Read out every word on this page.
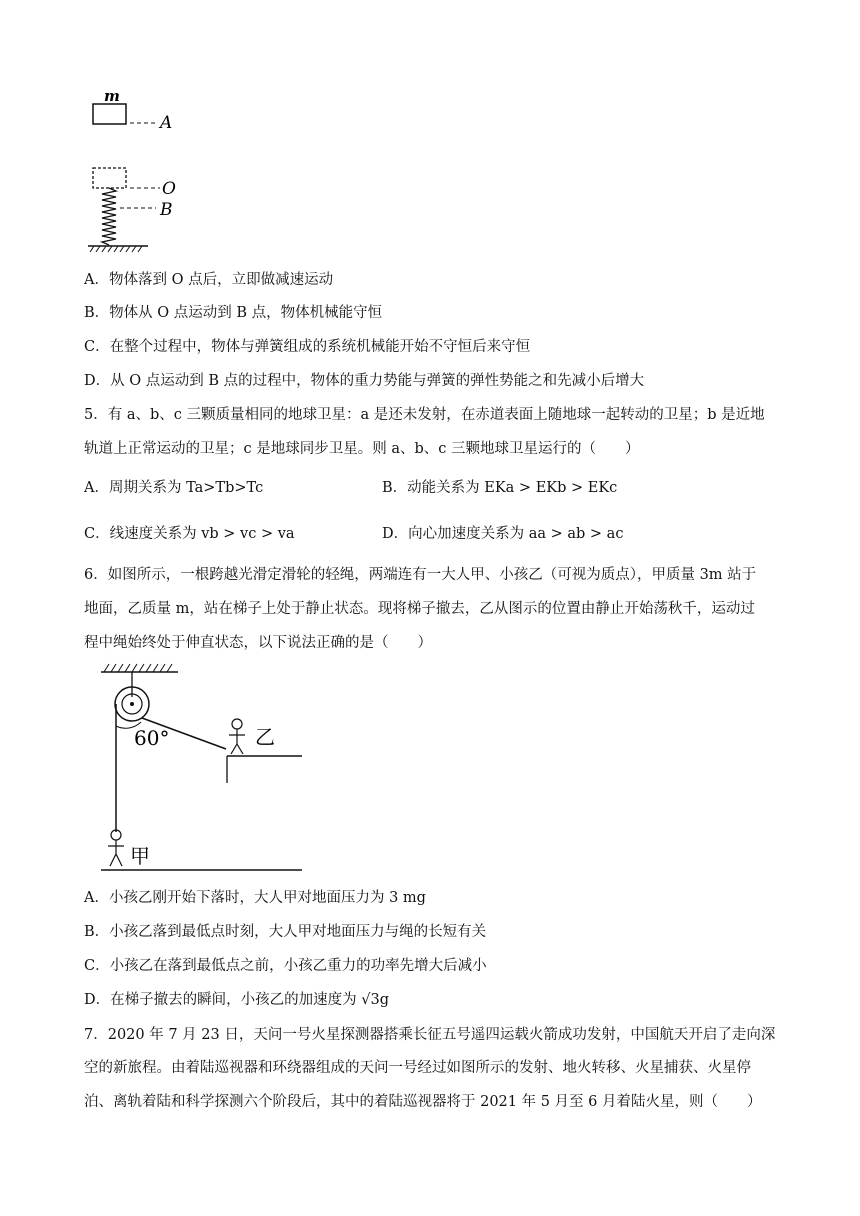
m
A
O
B
A．物体落到 O 点后，立即做减速运动
B．物体从 O 点运动到 B 点，物体机械能守恒
C．在整个过程中，物体与弹簧组成的系统机械能开始不守恒后来守恒
D．从 O 点运动到 B 点的过程中，物体的重力势能与弹簧的弹性势能之和先减小后增大
5．有 a、b、c 三颗质量相同的地球卫星：a 是还未发射，在赤道表面上随地球一起转动的卫星；b 是近地
轨道上正常运动的卫星；c 是地球同步卫星。则 a、b、c 三颗地球卫星运行的（　　）
A．周期关系为 Ta>Tb>Tc	B．动能关系为 EKa > EKb > EKc
C．线速度关系为 vb > vc > va	D．向心加速度关系为 aa > ab > ac
6．如图所示，一根跨越光滑定滑轮的轻绳，两端连有一大人甲、小孩乙（可视为质点），甲质量 3m 站于
地面，乙质量 m，站在梯子上处于静止状态。现将梯子撤去，乙从图示的位置由静止开始荡秋千，运动过
程中绳始终处于伸直状态，以下说法正确的是（　　）
60°	乙
甲
A．小孩乙刚开始下落时，大人甲对地面压力为 3 mg
B．小孩乙落到最低点时刻，大人甲对地面压力与绳的长短有关
C．小孩乙在落到最低点之前，小孩乙重力的功率先增大后减小
D．在梯子撤去的瞬间，小孩乙的加速度为 √3g
7．2020 年 7 月 23 日，天问一号火星探测器搭乘长征五号遥四运载火箭成功发射，中国航天开启了走向深
空的新旅程。由着陆巡视器和环绕器组成的天问一号经过如图所示的发射、地火转移、火星捕获、火星停
泊、离轨着陆和科学探测六个阶段后，其中的着陆巡视器将于 2021 年 5 月至 6 月着陆火星，则（　　）
